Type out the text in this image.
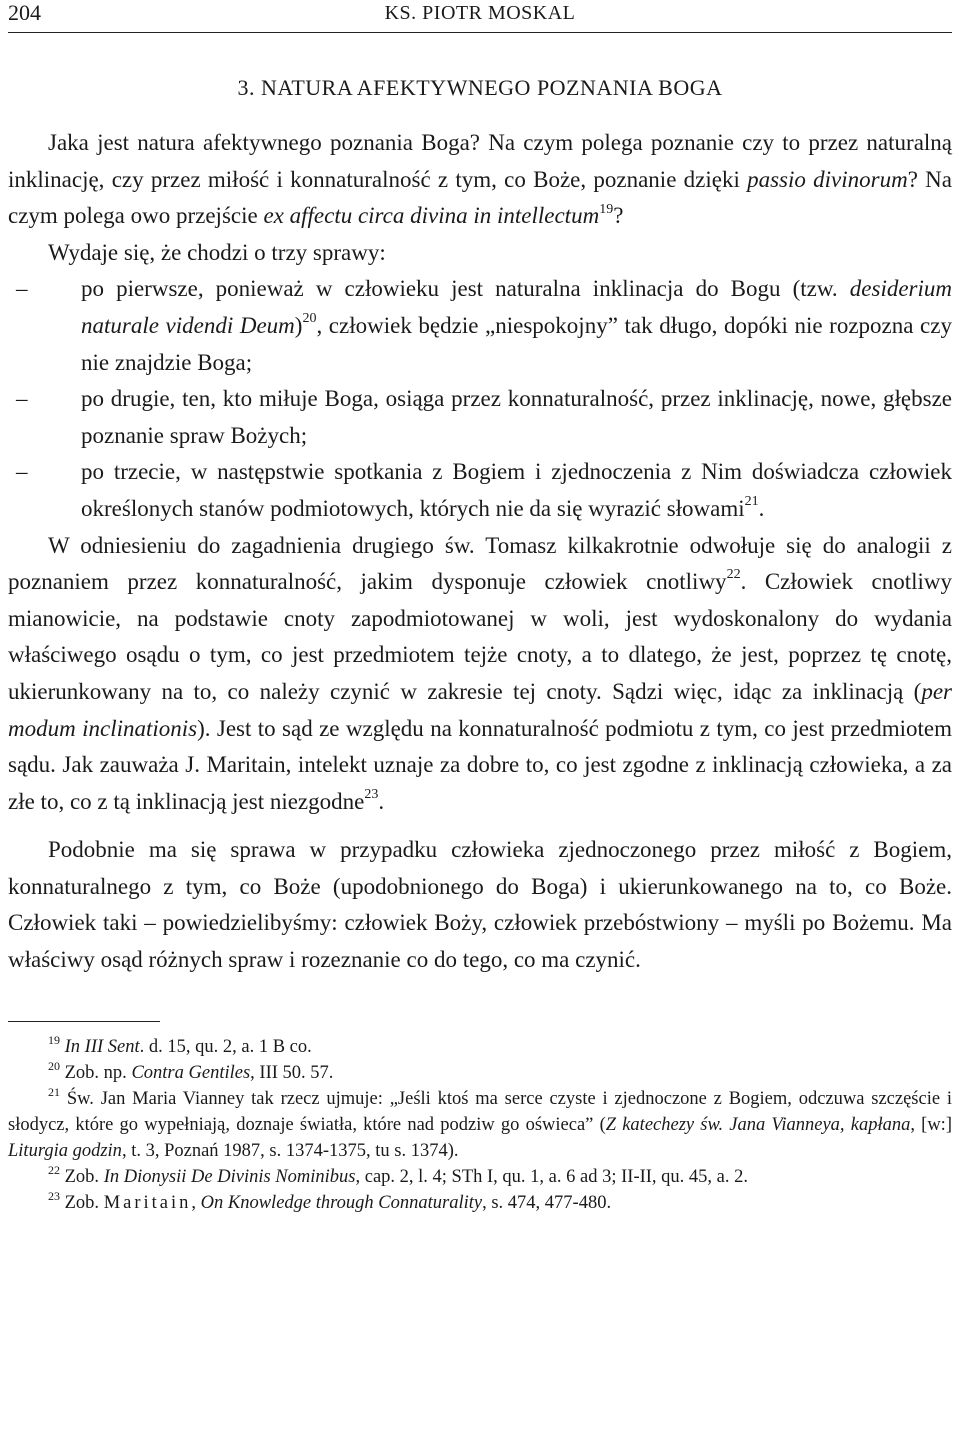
204	KS. PIOTR MOSKAL
3. NATURA AFEKTYWNEGO POZNANIA BOGA

Jaka jest natura afektywnego poznania Boga? Na czym polega poznanie czy to przez naturalną inklinację, czy przez miłość i konnaturalność z tym, co Boże, poznanie dzięki passio divinorum? Na czym polega owo przejście ex affectu circa divina in intellectum$^{19}$?

Wydaje się, że chodzi o trzy sprawy:

– po pierwsze, ponieważ w człowieku jest naturalna inklinacja do Bogu (tzw. desiderium naturale videndi Deum)$^{20}$, człowiek będzie „niespokojny” tak długo, dopóki nie rozpozna czy nie znajdzie Boga;
– po drugie, ten, kto miłuje Boga, osiąga przez konnaturalność, przez inklinację, nowe, głębsze poznanie spraw Bożych;
– po trzecie, w następstwie spotkania z Bogiem i zjednoczenia z Nim doświadcza człowiek określonych stanów podmiotowych, których nie da się wyrazić słowami$^{21}$.

W odniesieniu do zagadnienia drugiego św. Tomasz kilkakrotnie odwołuje się do analogii z poznaniem przez konnaturalność, jakim dysponuje człowiek cnotliwy$^{22}$. Człowiek cnotliwy mianowicie, na podstawie cnoty zapodmiotowanej w woli, jest wydoskonalony do wydania właściwego osądu o tym, co jest przedmiotem tejże cnoty, a to dlatego, że jest, poprzez tę cnotę, ukierunkowany na to, co należy czynić w zakresie tej cnoty. Sądzi więc, idąc za inklinacją (per modum inclinationis). Jest to sąd ze względu na konnaturalność podmiotu z tym, co jest przedmiotem sądu. Jak zauważa J. Maritain, intelekt uznaje za dobre to, co jest zgodne z inklinacją człowieka, a za złe to, co z tą inklinacją jest niezgodne$^{23}$.

Podobnie ma się sprawa w przypadku człowieka zjednoczonego przez miłość z Bogiem, konnaturalnego z tym, co Boże (upodobnionego do Boga) i ukierunkowanego na to, co Boże. Człowiek taki – powiedzielibyśmy: człowiek Boży, człowiek przebóstwiony – myśli po Bożemu. Ma właściwy osąd różnych spraw i rozeznanie co do tego, co ma czynić.

$^{19}$ In III Sent. d. 15, qu. 2, a. 1 B co.

$^{20}$ Zob. np. Contra Gentiles, III 50. 57.

$^{21}$ Św. Jan Maria Vianney tak rzecz ujmuje: „Jeśli ktoś ma serce czyste i zjednoczone z Bogiem, odczuwa szczęście i słodycz, które go wypełniają, doznaje światła, które nad podziw go oświeca” (Z katechezy św. Jana Vianneya, kapłana, [w:] Liturgia godzin, t. 3, Poznań 1987, s. 1374-1375, tu s. 1374).

$^{22}$ Zob. In Dionysii De Divinis Nominibus, cap. 2, l. 4; STh I, qu. 1, a. 6 ad 3; II-II, qu. 45, a. 2.

$^{23}$ Zob. Maritain, On Knowledge through Connaturality, s. 474, 477-480.
